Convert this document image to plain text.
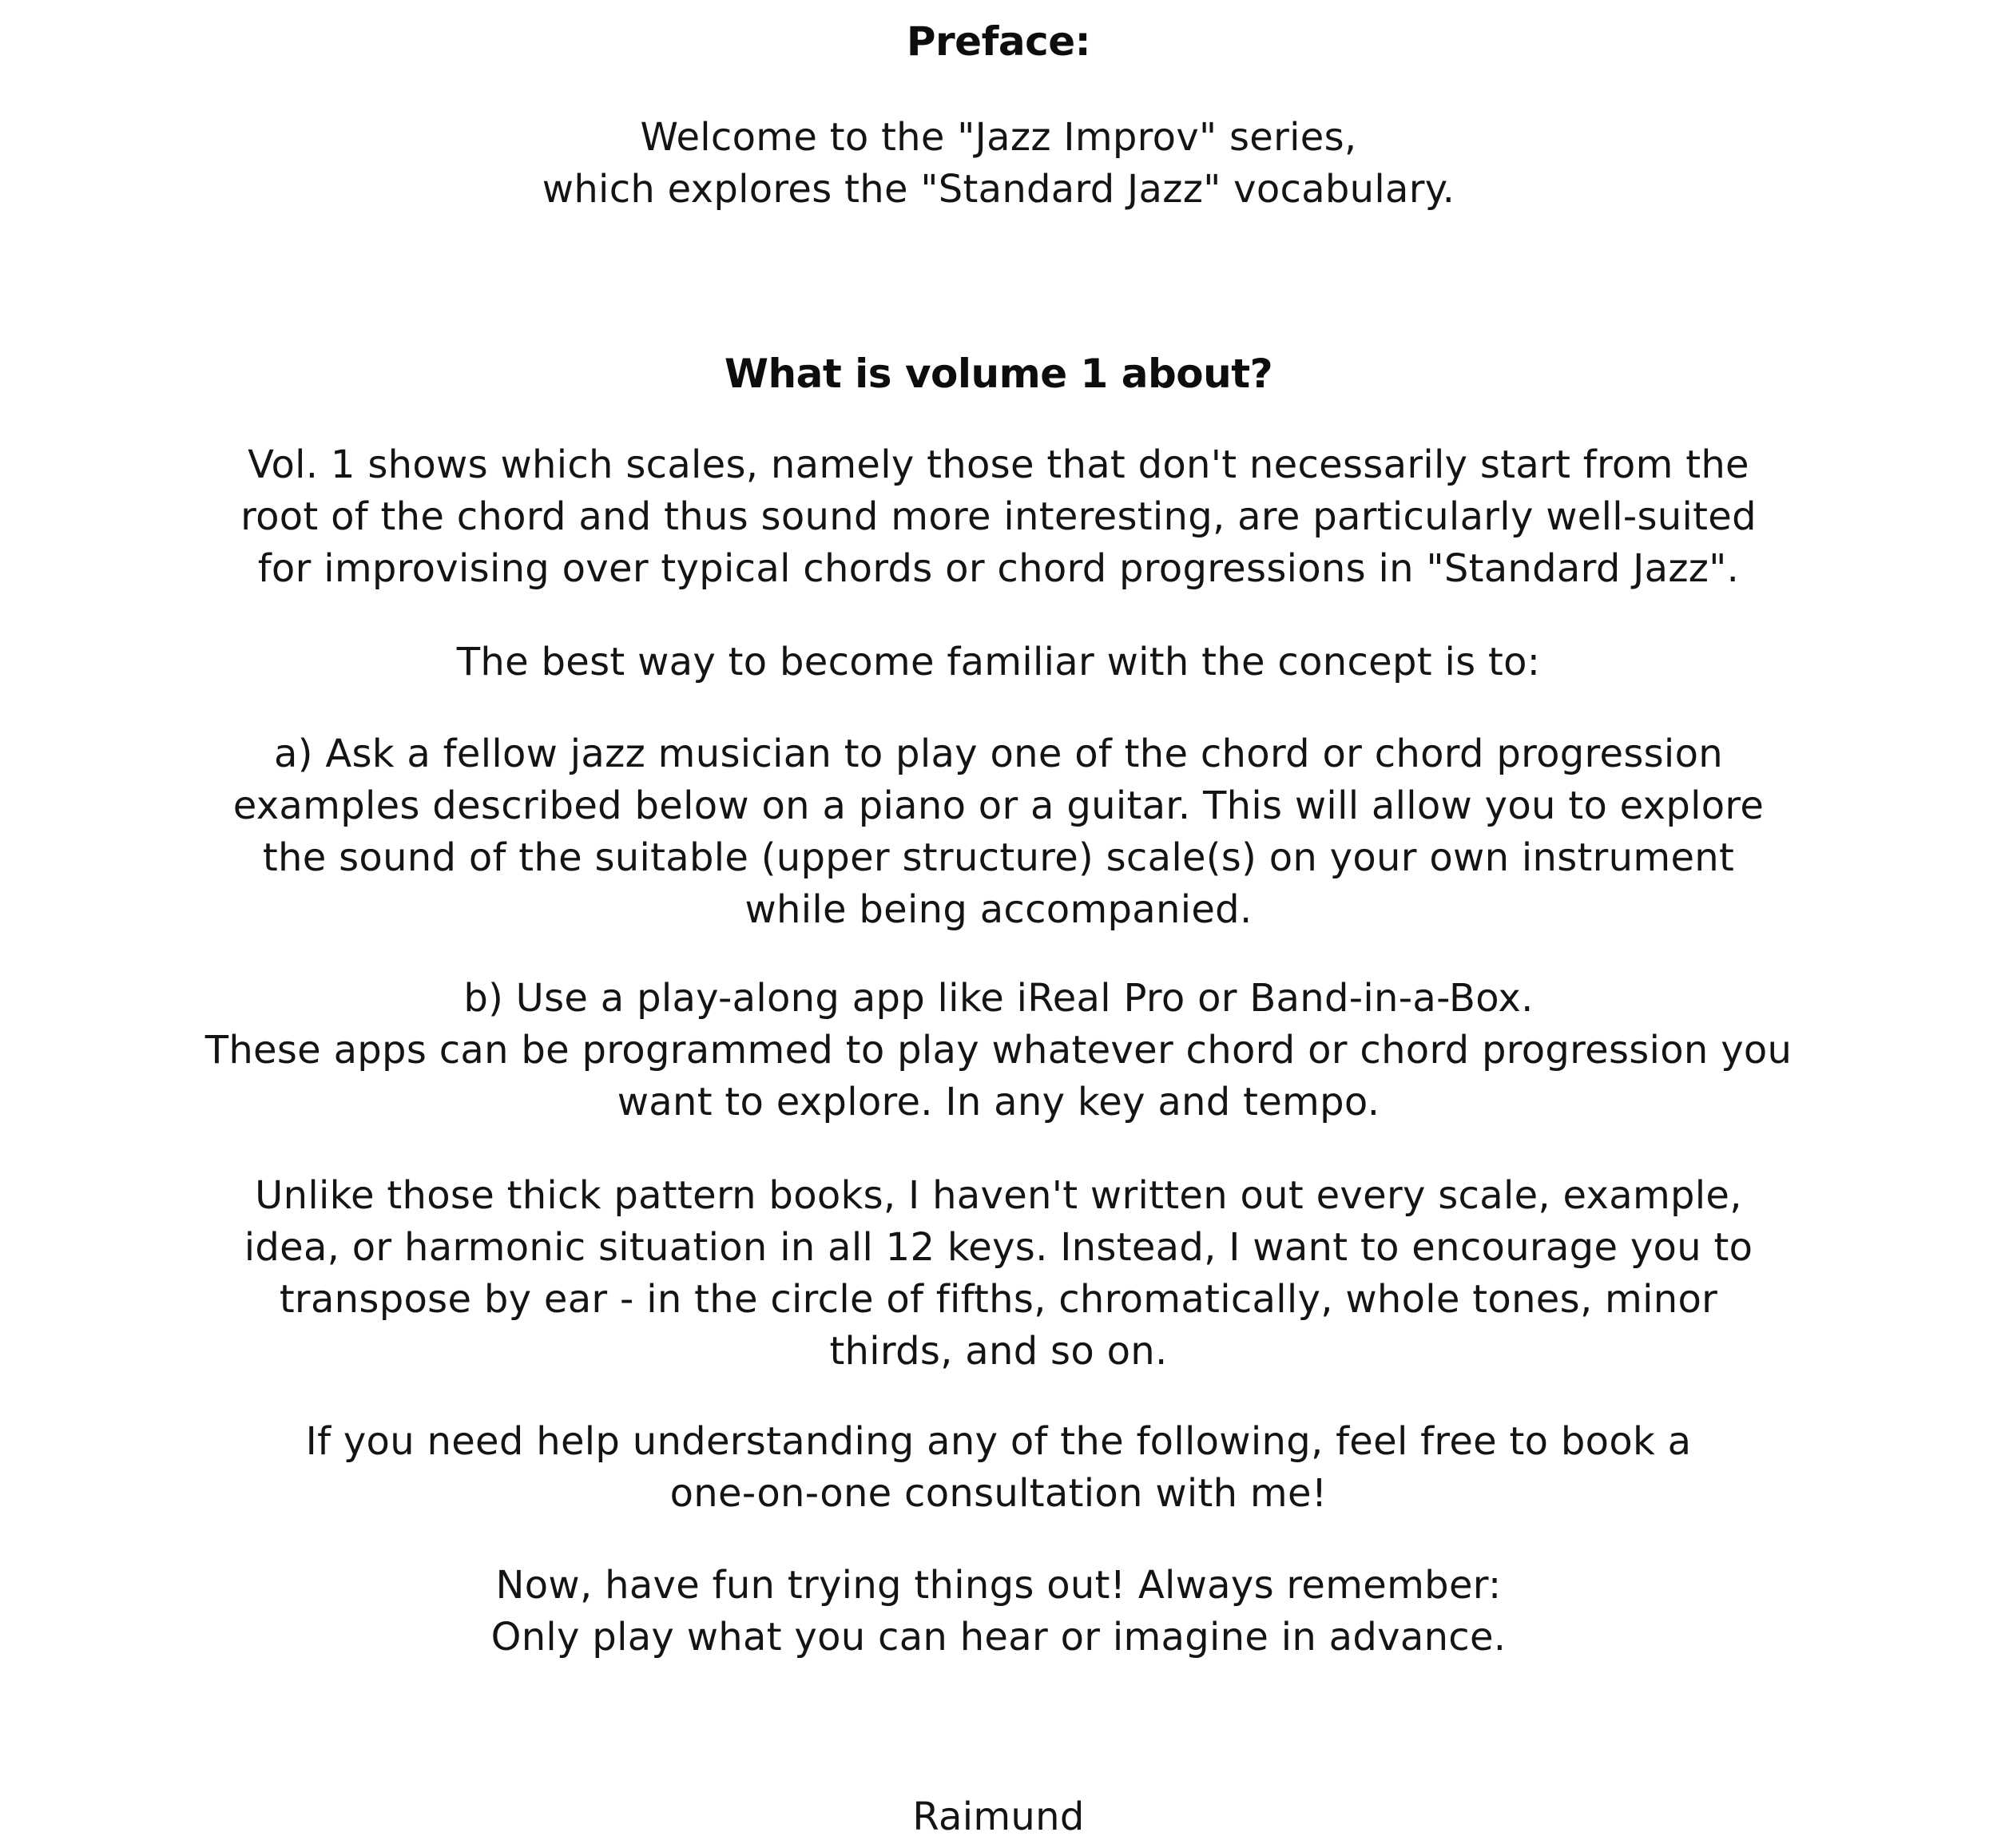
Preface:
Welcome to the "Jazz Improv" series,
which explores the "Standard Jazz" vocabulary.
What is volume 1 about?
Vol. 1 shows which scales, namely those that don't necessarily start from the
root of the chord and thus sound more interesting, are particularly well-suited
for improvising over typical chords or chord progressions in "Standard Jazz".
The best way to become familiar with the concept is to:
a) Ask a fellow jazz musician to play one of the chord or chord progression
examples described below on a piano or a guitar. This will allow you to explore
the sound of the suitable (upper structure) scale(s) on your own instrument
while being accompanied.
b) Use a play-along app like iReal Pro or Band-in-a-Box.
These apps can be programmed to play whatever chord or chord progression you
want to explore. In any key and tempo.
Unlike those thick pattern books, I haven't written out every scale, example,
idea, or harmonic situation in all 12 keys. Instead, I want to encourage you to
transpose by ear - in the circle of fifths, chromatically, whole tones, minor
thirds, and so on.
If you need help understanding any of the following, feel free to book a
one-on-one consultation with me!
Now, have fun trying things out! Always remember:
Only play what you can hear or imagine in advance.
Raimund
